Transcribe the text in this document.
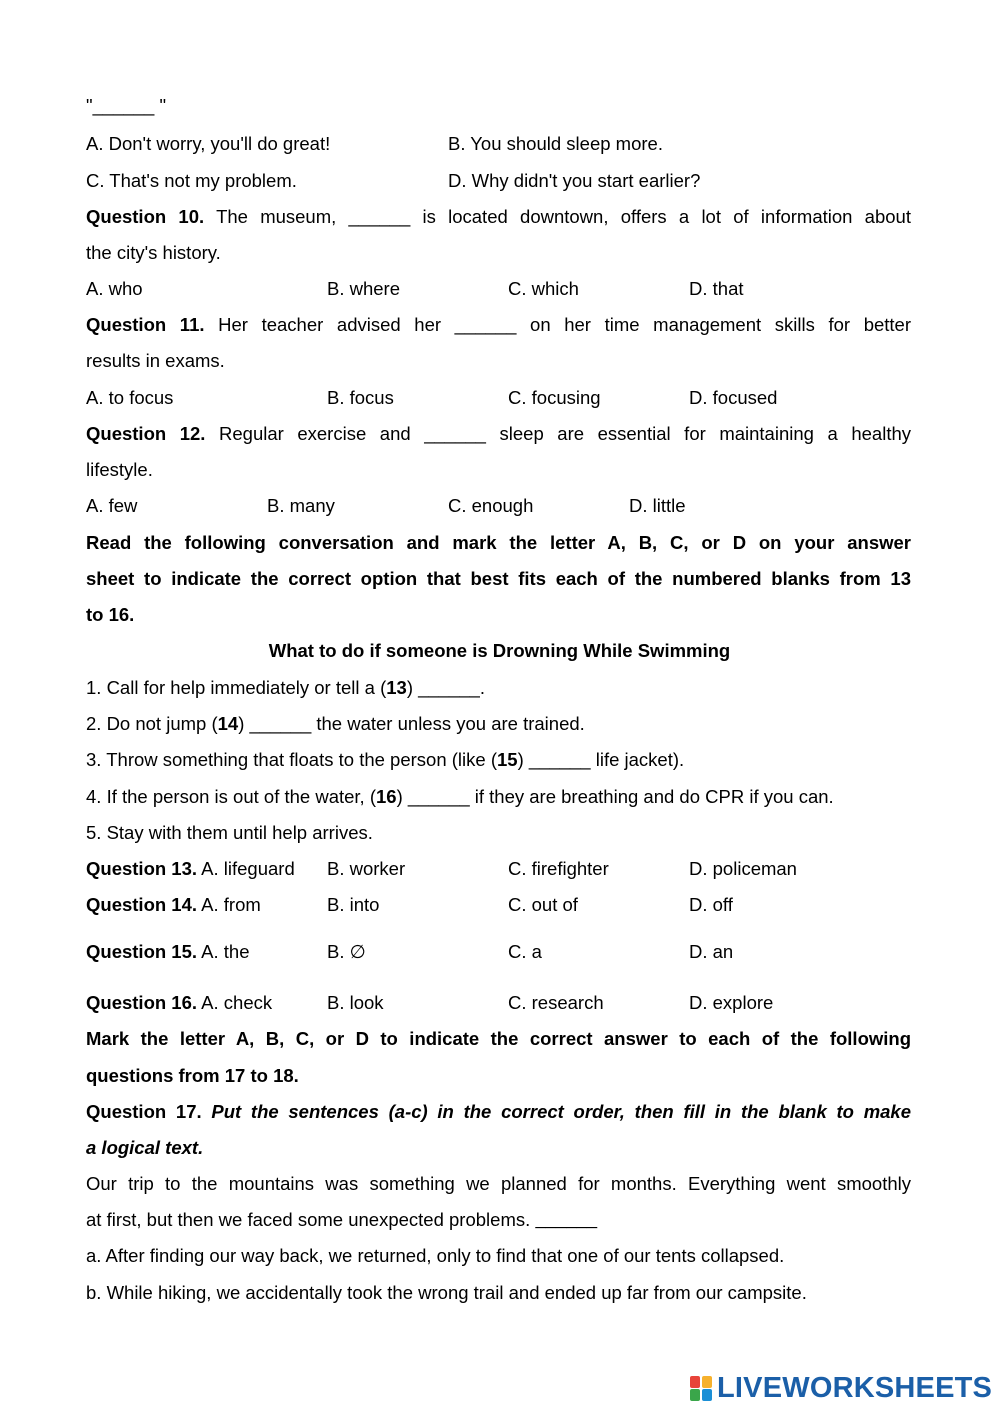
"______ "
A. Don't worry, you'll do great!	B. You should sleep more.
C. That's not my problem.	D. Why didn't you start earlier?
Question 10. The museum, ______ is located downtown, offers a lot of information about
the city's history.
A. who	B. where	C. which	D. that
Question 11. Her teacher advised her ______ on her time management skills for better
results in exams.
A. to focus	B. focus	C. focusing	D. focused
Question 12. Regular exercise and ______ sleep are essential for maintaining a healthy
lifestyle.
A. few	B. many	C. enough	D. little
Read the following conversation and mark the letter A, B, C, or D on your answer
sheet to indicate the correct option that best fits each of the numbered blanks from 13
to 16.
What to do if someone is Drowning While Swimming
1. Call for help immediately or tell a (13) ______.
2. Do not jump (14) ______ the water unless you are trained.
3. Throw something that floats to the person (like (15) ______ life jacket).
4. If the person is out of the water, (16) ______ if they are breathing and do CPR if you can.
5. Stay with them until help arrives.
Question 13. A. lifeguard B. worker	C. firefighter	D. policeman
Question 14. A. from	B. into	C. out of	D. off
Question 15. A. the	B. ∅	C. a	D. an
Question 16. A. check	B. look	C. research	D. explore
Mark the letter A, B, C, or D to indicate the correct answer to each of the following
questions from 17 to 18.
Question 17. Put the sentences (a-c) in the correct order, then fill in the blank to make
a logical text.
Our trip to the mountains was something we planned for months. Everything went smoothly
at first, but then we faced some unexpected problems. ______
a. After finding our way back, we returned, only to find that one of our tents collapsed.
b. While hiking, we accidentally took the wrong trail and ended up far from our campsite.
LIVEWORKSHEETS
